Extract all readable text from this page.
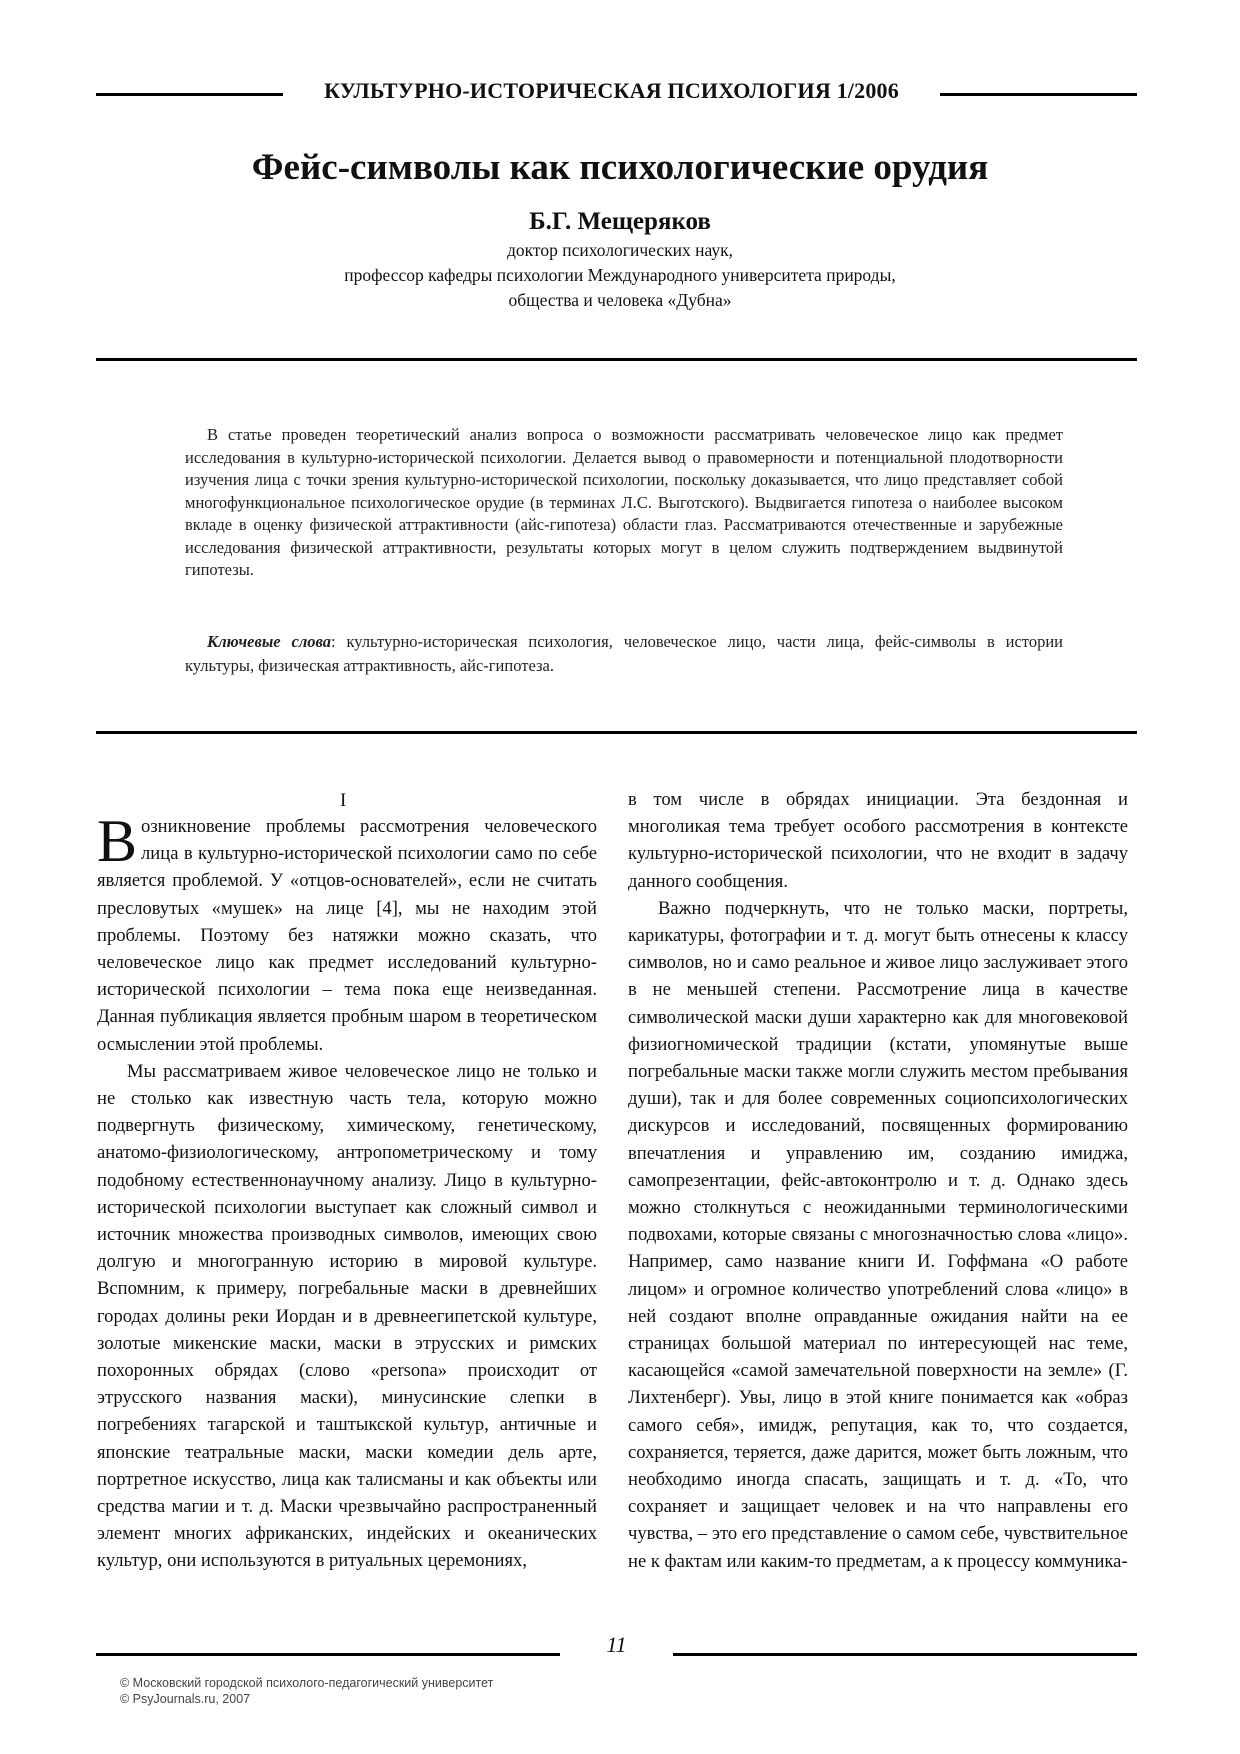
КУЛЬТУРНО-ИСТОРИЧЕСКАЯ ПСИХОЛОГИЯ 1/2006
Фейс-символы как психологические орудия
Б.Г. Мещеряков
доктор психологических наук,
профессор кафедры психологии Международного университета природы,
общества и человека «Дубна»
В статье проведен теоретический анализ вопроса о возможности рассматривать человеческое лицо как предмет исследования в культурно-исторической психологии. Делается вывод о правомерности и потенциальной плодотворности изучения лица с точки зрения культурно-исторической психологии, поскольку доказывается, что лицо представляет собой многофункциональное психологическое орудие (в терминах Л.С. Выготского). Выдвигается гипотеза о наиболее высоком вкладе в оценку физической аттрактивности (айс-гипотеза) области глаз. Рассматриваются отечественные и зарубежные исследования физической аттрактивности, результаты которых могут в целом служить подтверждением выдвинутой гипотезы.
Ключевые слова: культурно-историческая психология, человеческое лицо, части лица, фейс-символы в истории культуры, физическая аттрактивность, айс-гипотеза.
I

Возникновение проблемы рассмотрения человеческого лица в культурно-исторической психологии само по себе является проблемой. У «отцов-основателей», если не считать пресловутых «мушек» на лице [4], мы не находим этой проблемы. Поэтому без натяжки можно сказать, что человеческое лицо как предмет исследований культурно-исторической психологии – тема пока еще неизведанная. Данная публикация является пробным шаром в теоретическом осмыслении этой проблемы.

Мы рассматриваем живое человеческое лицо не только и не столько как известную часть тела, которую можно подвергнуть физическому, химическому, генетическому, анатомо-физиологическому, антропометрическому и тому подобному естественнонаучному анализу. Лицо в культурно-исторической психологии выступает как сложный символ и источник множества производных символов, имеющих свою долгую и многогранную историю в мировой культуре. Вспомним, к примеру, погребальные маски в древнейших городах долины реки Иордан и в древнеегипетской культуре, золотые микенские маски, маски в этрусских и римских похоронных обрядах (слово «persona» происходит от этрусского названия маски), минусинские слепки в погребениях тагарской и таштыкской культур, античные и японские театральные маски, маски комедии дель арте, портретное искусство, лица как талисманы и как объекты или средства магии и т. д. Маски чрезвычайно распространенный элемент многих африканских, индейских и океанических культур, они используются в ритуальных церемониях,

в том числе в обрядах инициации. Эта бездонная и многоликая тема требует особого рассмотрения в контексте культурно-исторической психологии, что не входит в задачу данного сообщения.

Важно подчеркнуть, что не только маски, портреты, карикатуры, фотографии и т. д. могут быть отнесены к классу символов, но и само реальное и живое лицо заслуживает этого в не меньшей степени. Рассмотрение лица в качестве символической маски души характерно как для многовековой физиогномической традиции (кстати, упомянутые выше погребальные маски также могли служить местом пребывания души), так и для более современных социопсихологических дискурсов и исследований, посвященных формированию впечатления и управлению им, созданию имиджа, самопрезентации, фейс-автоконтролю и т. д. Однако здесь можно столкнуться с неожиданными терминологическими подвохами, которые связаны с многозначностью слова «лицо». Например, само название книги И. Гоффмана «О работе лицом» и огромное количество употреблений слова «лицо» в ней создают вполне оправданные ожидания найти на ее страницах большой материал по интересующей нас теме, касающейся «самой замечательной поверхности на земле» (Г. Лихтенберг). Увы, лицо в этой книге понимается как «образ самого себя», имидж, репутация, как то, что создается, сохраняется, теряется, даже дарится, может быть ложным, что необходимо иногда спасать, защищать и т. д. «То, что сохраняет и защищает человек и на что направлены его чувства, – это его представление о самом себе, чувствительное не к фактам или каким-то предметам, а к процессу коммуника-

11
© Московский городской психолого-педагогический университет
© PsyJournals.ru, 2007
